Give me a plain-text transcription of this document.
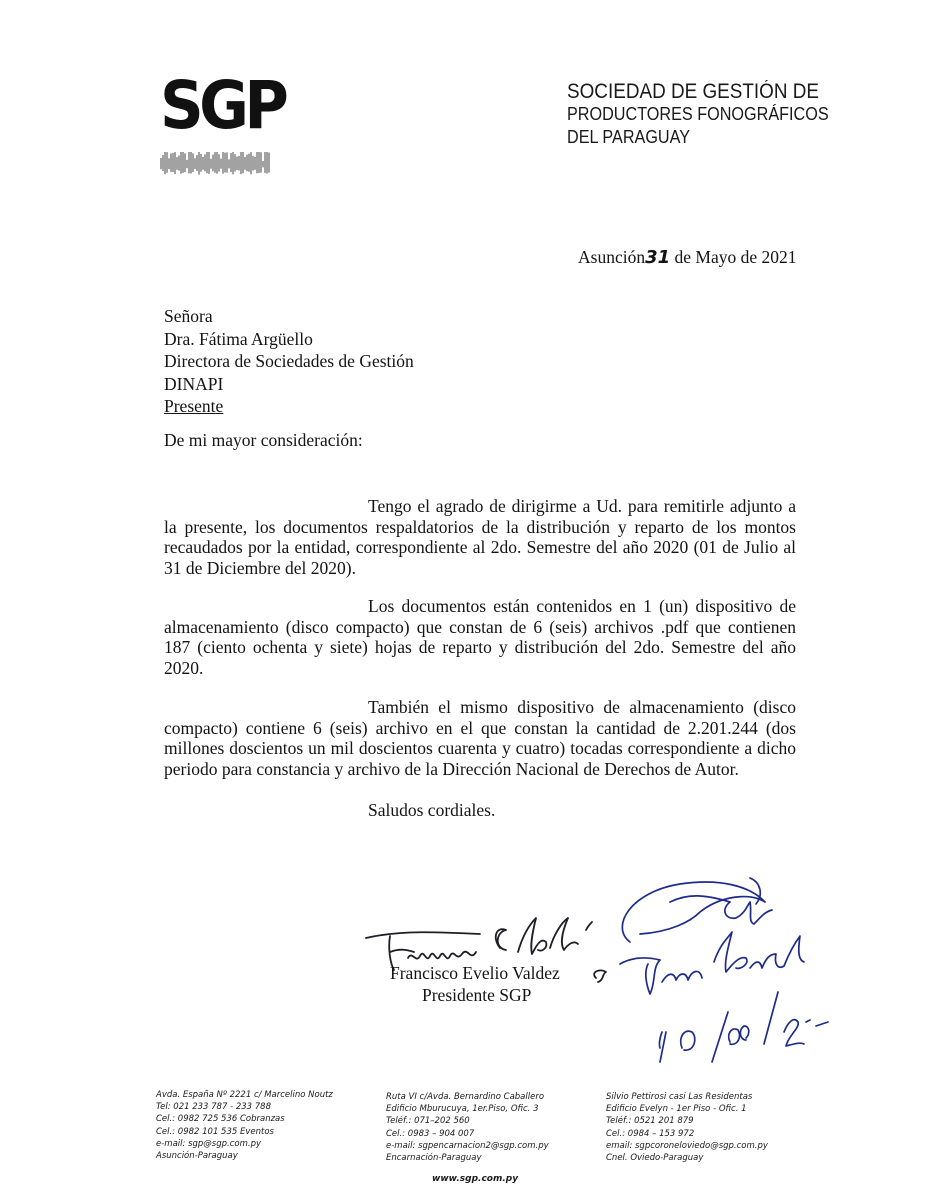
SGP	SOCIEDAD DE GESTIÓN DE
PRODUCTORES FONOGRÁFICOS
DEL PARAGUAY
Asunción31 de Mayo de 2021
Señora
Dra. Fátima Argüello
Directora de Sociedades de Gestión
DINAPI
Presente
De mi mayor consideración:
Tengo el agrado de dirigirme a Ud. para remitirle adjunto a la presente, los documentos respaldatorios de la distribución y reparto de los montos recaudados por la entidad, correspondiente al 2do. Semestre del año 2020 (01 de Julio al 31 de Diciembre del 2020).
Los documentos están contenidos en 1 (un) dispositivo de almacenamiento (disco compacto) que constan de 6 (seis) archivos .pdf que contienen 187 (ciento ochenta y siete) hojas de reparto y distribución del 2do. Semestre del año 2020.
También el mismo dispositivo de almacenamiento (disco compacto) contiene 6 (seis) archivo en el que constan la cantidad de 2.201.244 (dos millones doscientos un mil doscientos cuarenta y cuatro) tocadas correspondiente a dicho periodo para constancia y archivo de la Dirección Nacional de Derechos de Autor.
Saludos cordiales.
Francisco Evelio Valdez
Presidente SGP
Avda. España Nº 2221 c/ Marcelino Noutz
Tel: 021 233 787 - 233 788
Cel.: 0982 725 536 Cobranzas
Cel.: 0982 101 535 Eventos
e-mail: sgp@sgp.com.py
Asunción-Paraguay
Ruta VI c/Avda. Bernardino Caballero
Edificio Mburucuya, 1er.Piso, Ofic. 3
Teléf.: 071–202 560
Cel.: 0983 – 904 007
e-mail: sgpencarnacion2@sgp.com.py
Encarnación-Paraguay
Silvio Pettirosi casi Las Residentas
Edificio Evelyn - 1er Piso - Ofic. 1
Teléf.: 0521 201 879
Cel.: 0984 – 153 972
email: sgpcoroneloviedo@sgp.com.py
Cnel. Oviedo-Paraguay
www.sgp.com.py
